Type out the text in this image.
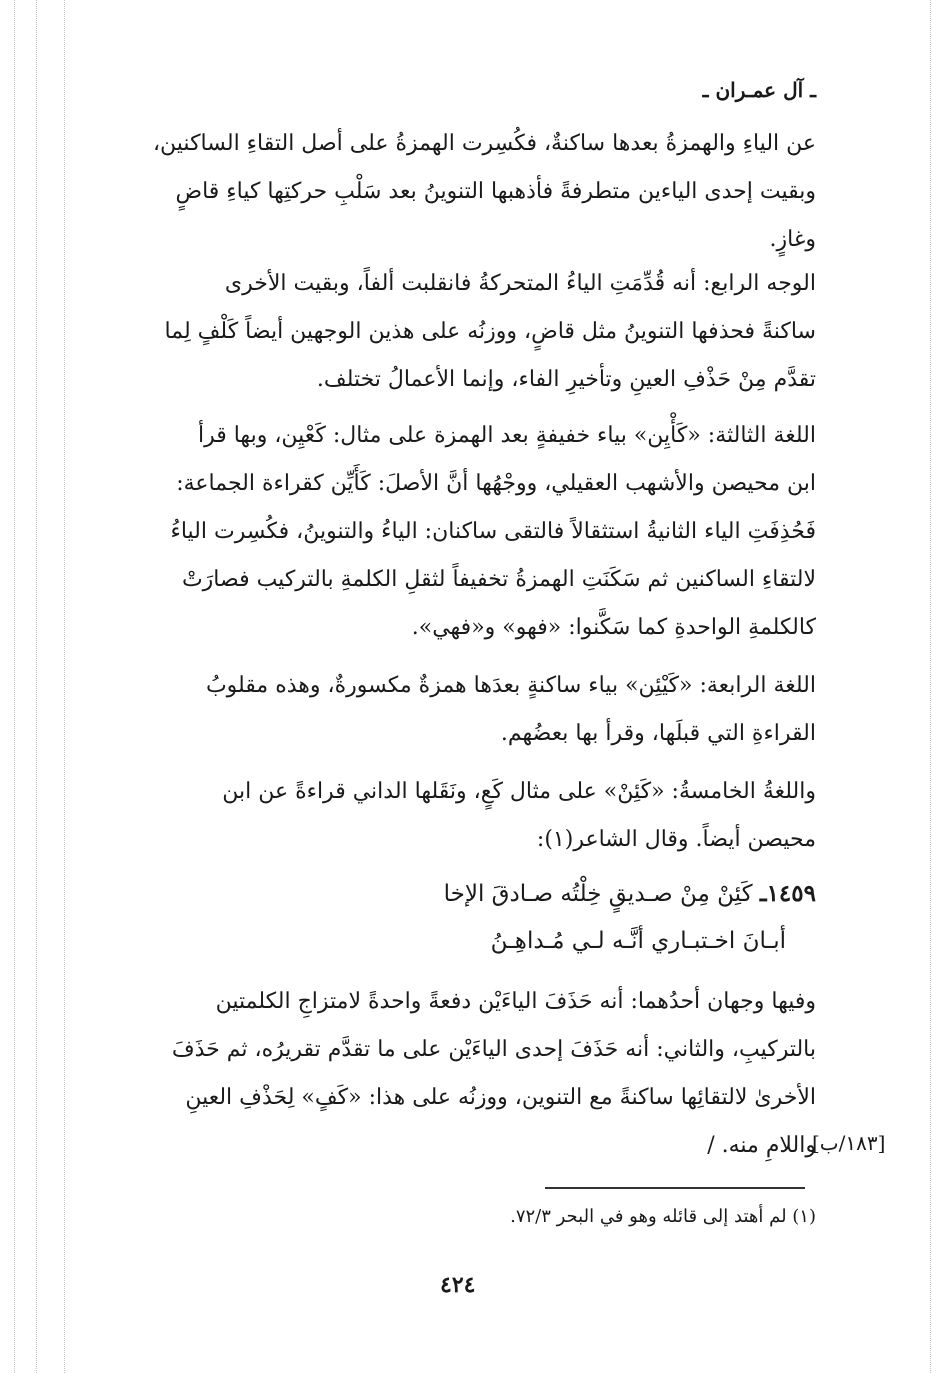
ـ آل عمـران ـ
عن الياءِ والهمزةُ بعدها ساكنةٌ، فكُسِرت الهمزةُ على أصل التقاءِ الساكنين،
وبقيت إحدى الياءين متطرفةً فأذهبها التنوينُ بعد سَلْبِ حركتِها كياءِ قاضٍ
وغازٍ.
الوجه الرابع: أنه قُدِّمَتِ الياءُ المتحركةُ فانقلبت ألفاً، وبقيت الأخرى
ساكنةً فحذفها التنوينُ مثل قاضٍ، ووزنُه على هذين الوجهين أيضاً كَلْفٍ لِما
تقدَّم مِنْ حَذْفِ العينِ وتأخيرِ الفاء، وإنما الأعمالُ تختلف.
اللغة الثالثة: «كَأْيِن» بياء خفيفةٍ بعد الهمزة على مثال: كَعْيِن، وبها قرأ
ابن محيصن والأشهب العقيلي، ووجْهُها أنَّ الأصلَ: كَأَيِّن كقراءة الجماعة:
فَحُذِفَتِ الياء الثانيةُ استثقالاً فالتقى ساكنان: الياءُ والتنوينُ، فكُسِرت الياءُ
لالتقاءِ الساكنين ثم سَكَنَتِ الهمزةُ تخفيفاً لثقلِ الكلمةِ بالتركيب فصارَتْ
كالكلمةِ الواحدةِ كما سَكَّنوا: «فهو» و«فهي».
اللغة الرابعة: «كَيْئِن» بياء ساكنةٍ بعدَها همزةٌ مكسورةٌ، وهذه مقلوبُ
القراءةِ التي قبلَها، وقرأ بها بعضُهم.
واللغةُ الخامسةُ: «كَئِنْ» على مثال كَعٍ، ونَقَلها الداني قراءةً عن ابن
محيصن أيضاً. وقال الشاعر(١):
١٤٥٩ـ كَئِنْ مِنْ صـديقٍ خِلْتُه صـادقَ الإخا
أبـانَ اخـتبـاري أنَّـه لـي مُـداهِـنُ
وفيها وجهان أحدُهما: أنه حَذَفَ الياءَيْن دفعةً واحدةً لامتزاجِ الكلمتين
بالتركيبِ، والثاني: أنه حَذَفَ إحدى الياءَيْن على ما تقدَّم تقريرُه، ثم حَذَفَ
الأخرىٰ لالتقائِها ساكنةً مع التنوين، ووزنُه على هذا: «كَفٍ» لِحَذْفِ العينِ
واللامِ منه. /
[١٨٣/ب]
(١) لم أهتد إلى قائله وهو في البحر ٧٢/٣.
٤٢٤
